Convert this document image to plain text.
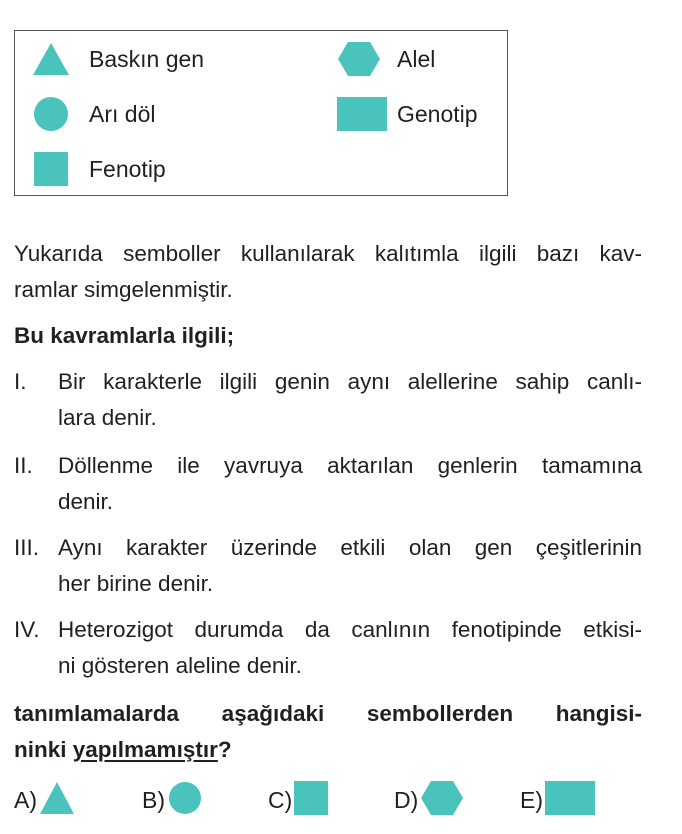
Baskın gen	Alel
Arı döl	Genotip
Fenotip
Yukarıda semboller kullanılarak kalıtımla ilgili bazı kav-
ramlar simgelenmiştir.
Bu kavramlarla ilgili;
I. Bir karakterle ilgili genin aynı alellerine sahip canlı-
lara denir.
II. Döllenme ile yavruya aktarılan genlerin tamamına
denir.
III. Aynı karakter üzerinde etkili olan gen çeşitlerinin
her birine denir.
IV. Heterozigot durumda da canlının fenotipinde etkisi-
ni gösteren aleline denir.
tanımlamalarda aşağıdaki sembollerden hangisi-
ninki yapılmamıştır?
A)	B)	C)	D)	E)
